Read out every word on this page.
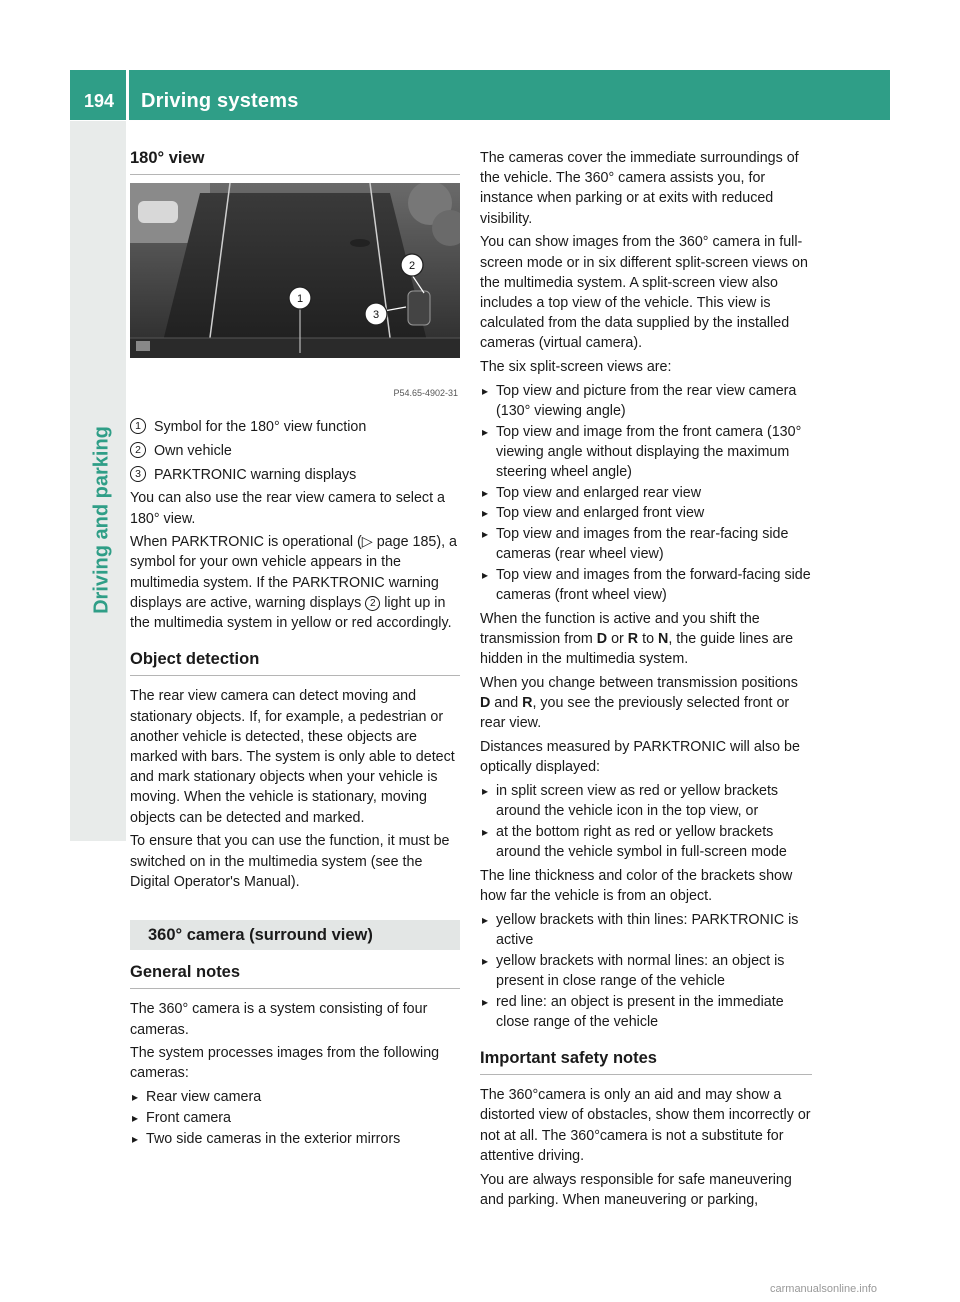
194	Driving systems
Driving and parking
180° view
1
2
3
P54.65-4902-31

1 Symbol for the 180° view function

2 Own vehicle

3 PARKTRONIC warning displays

You can also use the rear view camera to select a 180° view.

When PARKTRONIC is operational (▷ page 185), a symbol for your own vehicle appears in the multimedia system. If the PARKTRONIC warning displays are active, warning displays 2 light up in the multimedia system in yellow or red accordingly.

Object detection

The rear view camera can detect moving and stationary objects. If, for example, a pedestrian or another vehicle is detected, these objects are marked with bars. The system is only able to detect and mark stationary objects when your vehicle is moving. When the vehicle is stationary, moving objects can be detected and marked.

To ensure that you can use the function, it must be switched on in the multimedia system (see the Digital Operator's Manual).

360° camera (surround view)
General notes

The 360° camera is a system consisting of four cameras.

The system processes images from the following cameras:

▸ Rear view camera
▸ Front camera
▸ Two side cameras in the exterior mirrors

The cameras cover the immediate surroundings of the vehicle. The 360° camera assists you, for instance when parking or at exits with reduced visibility.

You can show images from the 360° camera in full-screen mode or in six different split-screen views on the multimedia system. A split-screen view also includes a top view of the vehicle. This view is calculated from the data supplied by the installed cameras (virtual camera).

The six split-screen views are:

▸ Top view and picture from the rear view camera (130° viewing angle)
▸ Top view and image from the front camera (130° viewing angle without displaying the maximum steering wheel angle)
▸ Top view and enlarged rear view
▸ Top view and enlarged front view
▸ Top view and images from the rear-facing side cameras (rear wheel view)
▸ Top view and images from the forward-facing side cameras (front wheel view)

When the function is active and you shift the transmission from D or R to N, the guide lines are hidden in the multimedia system.

When you change between transmission positions D and R, you see the previously selected front or rear view.

Distances measured by PARKTRONIC will also be optically displayed:

▸ in split screen view as red or yellow brackets around the vehicle icon in the top view, or
▸ at the bottom right as red or yellow brackets around the vehicle symbol in full-screen mode

The line thickness and color of the brackets show how far the vehicle is from an object.

▸ yellow brackets with thin lines: PARKTRONIC is active
▸ yellow brackets with normal lines: an object is present in close range of the vehicle
▸ red line: an object is present in the immediate close range of the vehicle
Important safety notes

The 360°camera is only an aid and may show a distorted view of obstacles, show them incorrectly or not at all. The 360°camera is not a substitute for attentive driving.

You are always responsible for safe maneuvering and parking. When maneuvering or parking,

carmanualsonline.info
